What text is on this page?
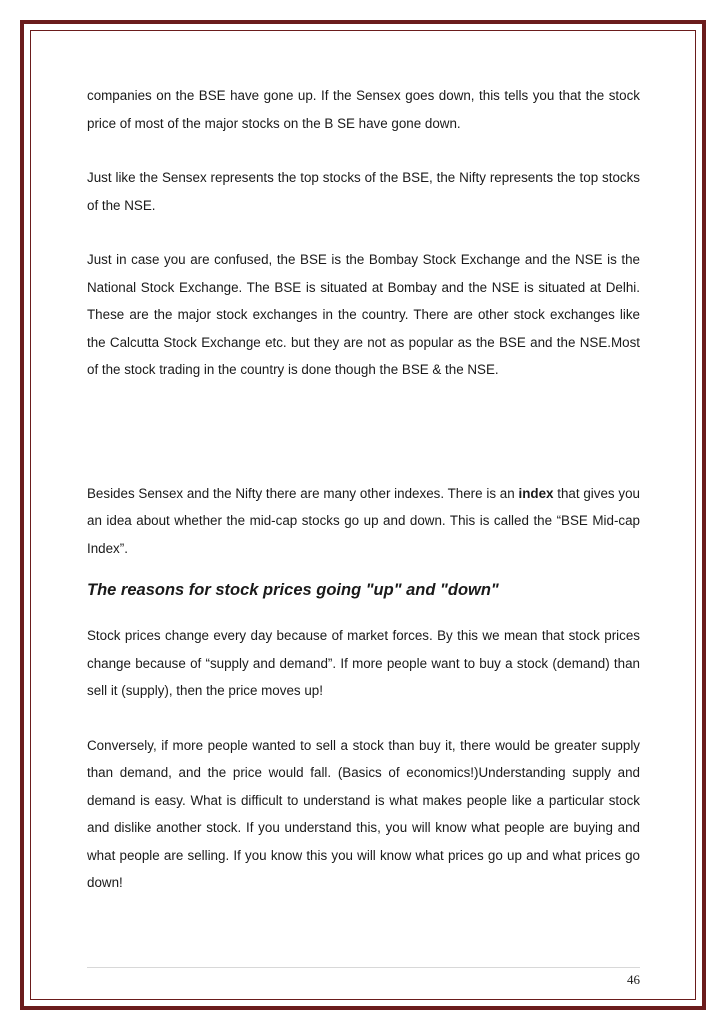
companies on the BSE have gone up. If the Sensex goes down, this tells you that the stock price of most of the major stocks on the B SE have gone down.

Just like the Sensex represents the top stocks of the BSE, the Nifty represents the top stocks of the NSE.

Just in case you are confused, the BSE is the Bombay Stock Exchange and the NSE is the National Stock Exchange. The BSE is situated at Bombay and the NSE is situated at Delhi. These are the major stock exchanges in the country. There are other stock exchanges like the Calcutta Stock Exchange etc. but they are not as popular as the BSE and the NSE.Most of the stock trading in the country is done though the BSE & the NSE.

Besides Sensex and the Nifty there are many other indexes. There is an index that gives you an idea about whether the mid-cap stocks go up and down. This is called the “BSE Mid-cap Index”.

The reasons for stock prices going "up" and "down"

Stock prices change every day because of market forces. By this we mean that stock prices change because of “supply and demand”. If more people want to buy a stock (demand) than sell it (supply), then the price moves up!

Conversely, if more people wanted to sell a stock than buy it, there would be greater supply than demand, and the price would fall. (Basics of economics!)Understanding supply and demand is easy. What is difficult to understand is what makes people like a particular stock and dislike another stock. If you understand this, you will know what people are buying and what people are selling. If you know this you will know what prices go up and what prices go down!

46
